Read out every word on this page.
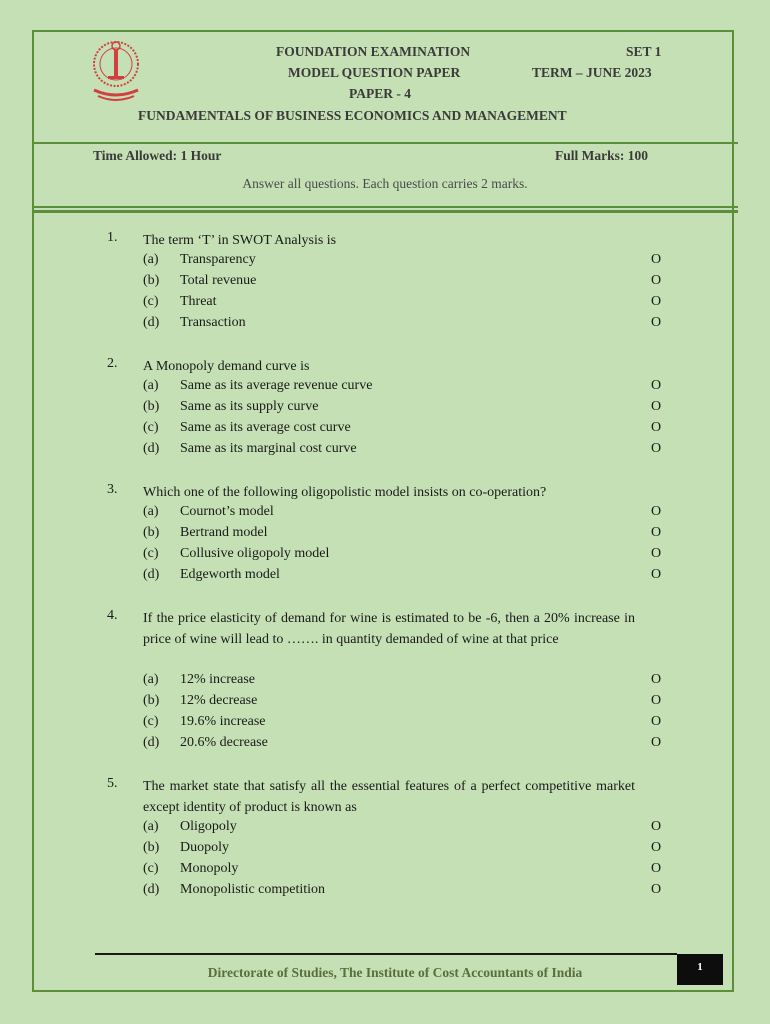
FOUNDATION EXAMINATION	SET 1
MODEL QUESTION PAPER	TERM – JUNE 2023
PAPER - 4
FUNDAMENTALS OF BUSINESS ECONOMICS AND MANAGEMENT
Time Allowed: 1 Hour	Full Marks: 100
Answer all questions. Each question carries 2 marks.
1. The term ‘T’ in SWOT Analysis is
(a) Transparency	O
(b) Total revenue	O
(c) Threat	O
(d) Transaction	O
2. A Monopoly demand curve is
(a) Same as its average revenue curve	O
(b) Same as its supply curve	O
(c) Same as its average cost curve	O
(d) Same as its marginal cost curve	O
3. Which one of the following oligopolistic model insists on co-operation?
(a) Cournot’s model	O
(b) Bertrand model	O
(c) Collusive oligopoly model	O
(d) Edgeworth model	O
4. If the price elasticity of demand for wine is estimated to be -6, then a 20% increase in price of wine will lead to ……. in quantity demanded of wine at that price
(a) 12% increase	O
(b) 12% decrease	O
(c) 19.6% increase	O
(d) 20.6% decrease	O
5. The market state that satisfy all the essential features of a perfect competitive market except identity of product is known as
(a) Oligopoly	O
(b) Duopoly	O
(c) Monopoly	O
(d) Monopolistic competition	O
Directorate of Studies, The Institute of Cost Accountants of India	1
